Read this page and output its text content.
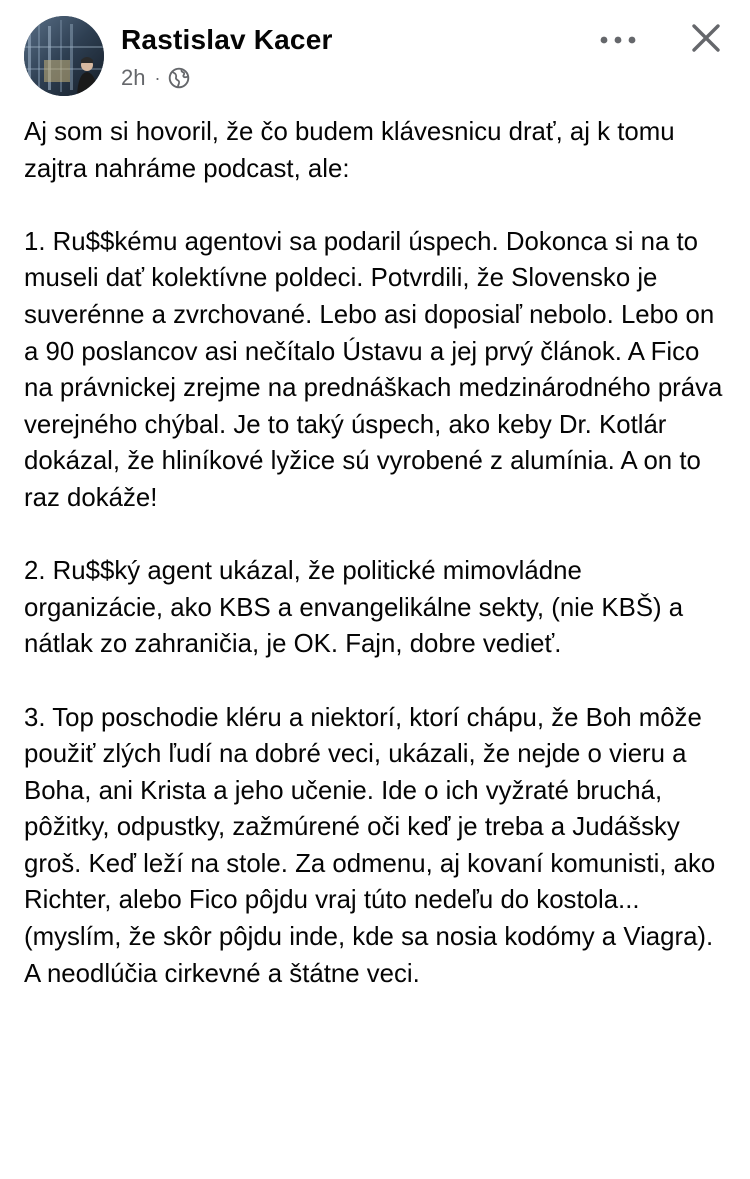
Rastislav Kacer
2h ·

Aj som si hovoril, že čo budem klávesnicu drať, aj k tomu zajtra nahráme podcast, ale:

1. Ru$$kému agentovi sa podaril úspech. Dokonca si na to museli dať kolektívne poldeci. Potvrdili, že Slovensko je suverénne a zvrchované. Lebo asi doposiaľ nebolo. Lebo on a 90 poslancov asi nečítalo Ústavu a jej prvý článok. A Fico na právnickej zrejme na prednáškach medzinárodného práva verejného chýbal. Je to taký úspech, ako keby Dr. Kotlár dokázal, že hliníkové lyžice sú vyrobené z alumínia. A on to raz dokáže!

2. Ru$$ký agent ukázal, že politické mimovládne organizácie, ako KBS a envangelikálne sekty, (nie KBŠ) a nátlak zo zahraničia, je OK. Fajn, dobre vedieť.

3. Top poschodie kléru a niektorí, ktorí chápu, že Boh môže použiť zlých ľudí na dobré veci, ukázali, že nejde o vieru a Boha, ani Krista a jeho učenie. Ide o ich vyžraté bruchá, pôžitky, odpustky, zažmúrené oči keď je treba a Judášsky groš. Keď leží na stole. Za odmenu, aj kovaní komunisti, ako Richter, alebo Fico pôjdu vraj túto nedeľu do kostola... (myslím, že skôr pôjdu inde, kde sa nosia kodómy a Viagra). A neodlúčia cirkevné a štátne veci.
